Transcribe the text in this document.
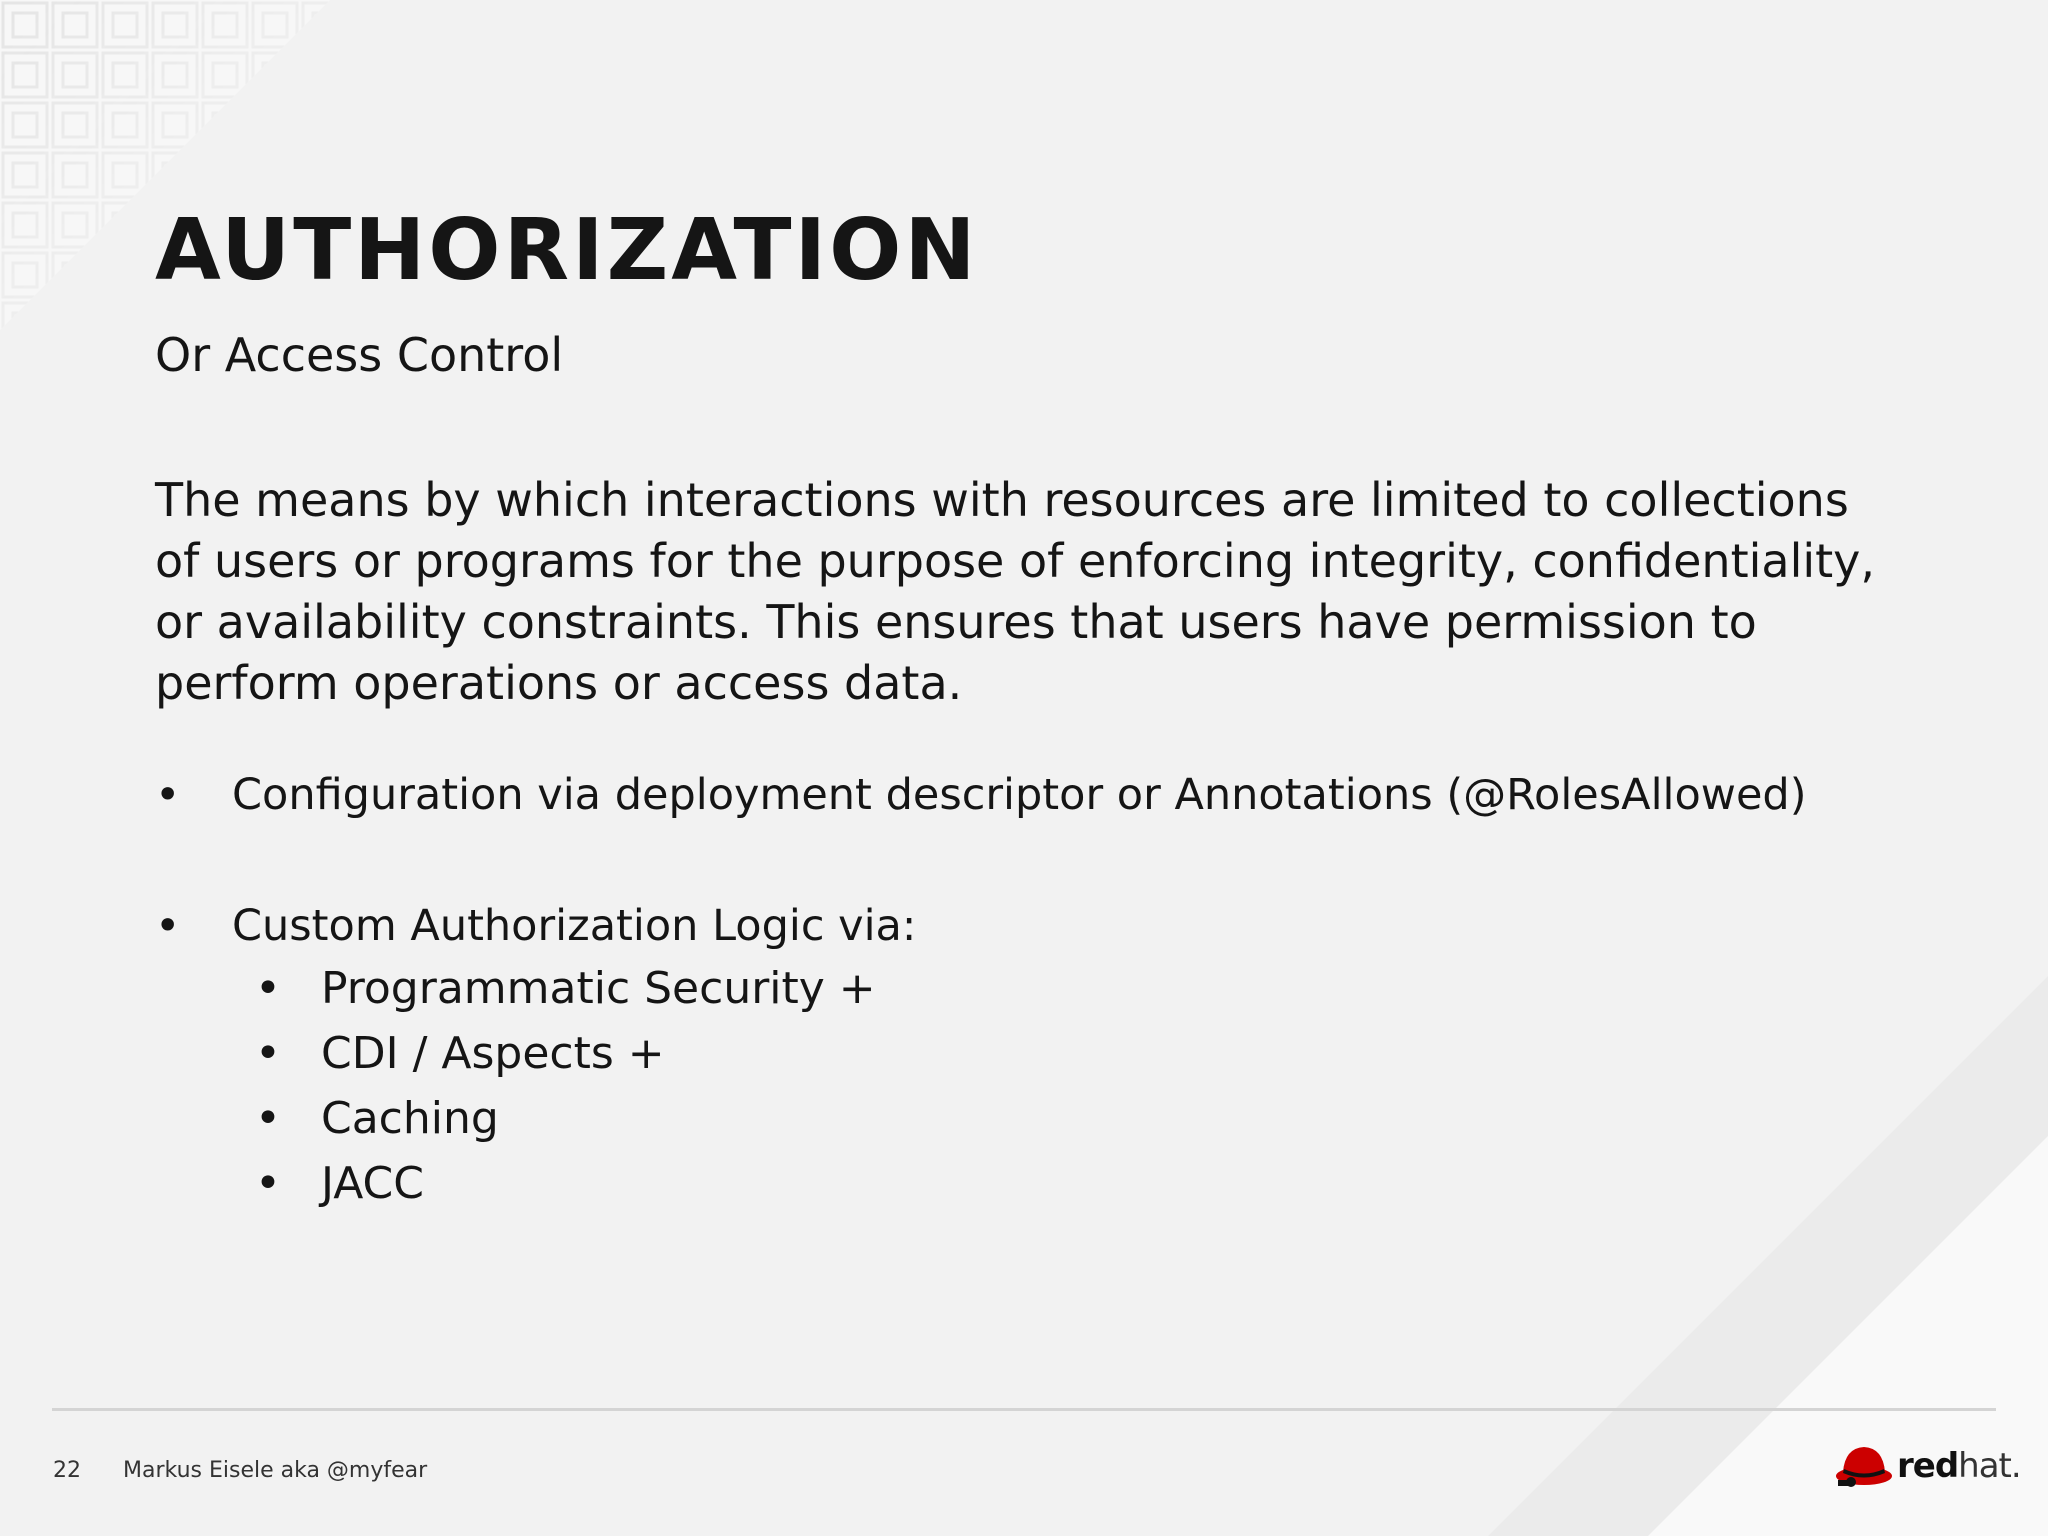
AUTHORIZATION
Or Access Control

The means by which interactions with resources are limited to collections of users or programs for the purpose of enforcing integrity, confidentiality, or availability constraints. This ensures that users have permission to perform operations or access data.

• Configuration via deployment descriptor or Annotations (@RolesAllowed)
• Custom Authorization Logic via:
• Programmatic Security +
• CDI / Aspects +
• Caching
• JACC
22 Markus Eisele aka @myfear	redhat.
